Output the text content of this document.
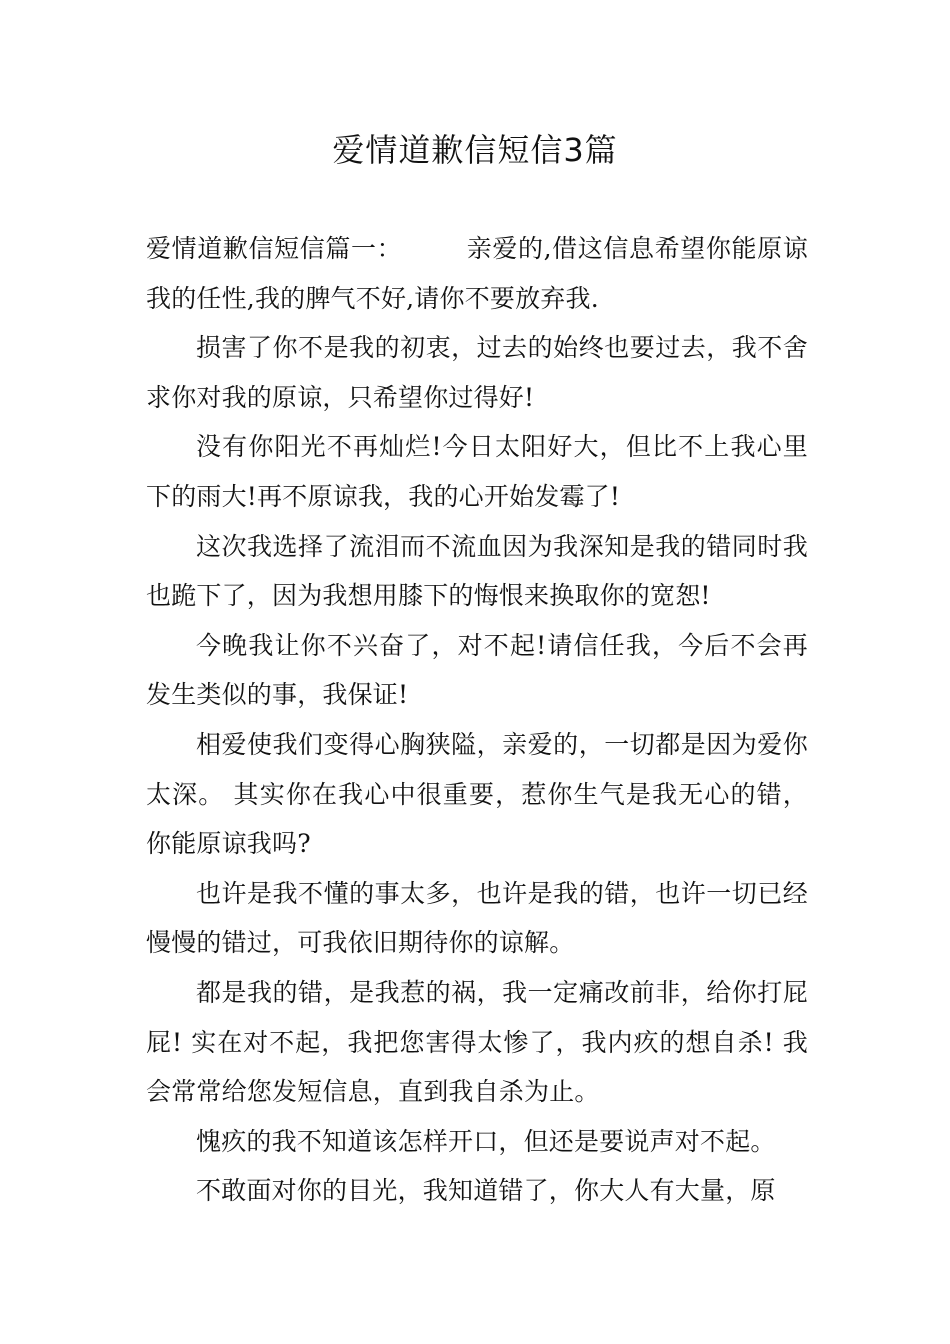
爱情道歉信短信3篇

爱情道歉信短信篇一：	亲爱的,借这信息希望你能原谅我的任性,我的脾气不好,请你不要放弃我.

损害了你不是我的初衷，过去的始终也要过去，我不舍求你对我的原谅，只希望你过得好!

没有你阳光不再灿烂!今日太阳好大，但比不上我心里下的雨大!再不原谅我，我的心开始发霉了!

这次我选择了流泪而不流血因为我深知是我的错同时我也跪下了，因为我想用膝下的悔恨来换取你的宽恕!

今晚我让你不兴奋了，对不起!请信任我，今后不会再发生类似的事，我保证!

相爱使我们变得心胸狭隘，亲爱的，一切都是因为爱你太深。 其实你在我心中很重要，惹你生气是我无心的错，你能原谅我吗?

也许是我不懂的事太多，也许是我的错，也许一切已经慢慢的错过，可我依旧期待你的谅解。

都是我的错，是我惹的祸，我一定痛改前非，给你打屁屁! 实在对不起，我把您害得太惨了，我内疚的想自杀! 我会常常给您发短信息，直到我自杀为止。

愧疚的我不知道该怎样开口，但还是要说声对不起。

不敢面对你的目光，我知道错了，你大人有大量，原
